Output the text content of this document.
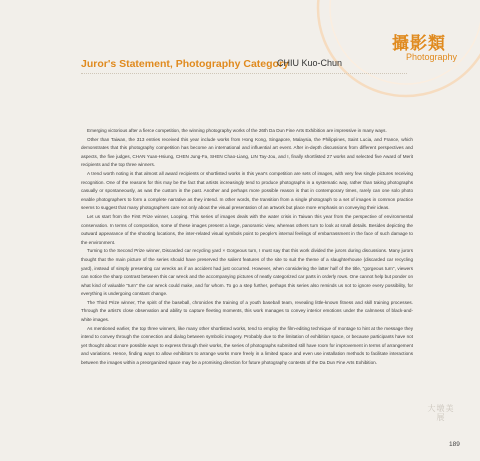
攝影類
Photography
Juror's Statement, Photography Category
CHIU Kuo-Chun

Emerging victorious after a fierce competition, the winning photography works of the 26th Da Dun Fine Arts Exhibition are impressive in many ways.

Other than Taiwan, the 313 entries received this year include works from Hong Kong, Singapore, Malaysia, the Philippines, Saint Lucia, and France, which demonstrates that this photography competition has become an international and influential art event. After in-depth discussions from different perspectives and aspects, the five judges, CHAN Yuan-Hsiung, CHEN Jung-Fa, SHEN Chao-Liang, LIN Tay-Jou, and I, finally shortlisted 27 works and selected five Award of Merit recipients and the top three winners.

A trend worth noting is that almost all award recipients or shortlisted works in this year's competition are sets of images, with very few single pictures receiving recognition. One of the reasons for this may be the fact that artists increasingly tend to produce photographs in a systematic way, rather than taking photographs casually or spontaneously, as was the custom in the past. Another and perhaps more possible reason is that in contemporary times, rarely can one solo photo enable photographers to form a complete narrative as they intend. In other words, the transition from a single photograph to a set of images in common practice seems to suggest that many photographers care not only about the visual presentation of an artwork but place more emphasis on conveying their ideas.

Let us start from the First Prize winner, Looping. This series of images deals with the water crisis in Taiwan this year from the perspective of environmental conservation. In terms of composition, some of these images present a large, panoramic view, whereas others turn to look at small details. Besides depicting the outward appearance of the shooting locations, the inter-related visual symbols point to people's internal feelings of embarrassment in the face of such damage to the environment.

Turning to the Second Prize winner, Discarded car recycling yard × Gorgeous turn, I must say that this work divided the jurors during discussions. Many jurors thought that the main picture of the series should have preserved the salient features of the site to suit the theme of a slaughterhouse (discarded car recycling yard), instead of simply presenting car wrecks as if an accident had just occurred. However, when considering the latter half of the title, "gorgeous turn", viewers can notice the sharp contrast between this car wreck and the accompanying pictures of neatly categorized car parts in orderly rows. One cannot help but ponder on what kind of valuable "turn" the car wreck could make, and for whom. To go a step further, perhaps this series also reminds us not to ignore every possibility, for everything is undergoing constant change.

The Third Prize winner, The spirit of the baseball, chronicles the training of a youth baseball team, revealing little-known fitness and skill training processes. Through the artist's close observation and ability to capture fleeting moments, this work manages to convey interior emotions under the calmness of black-and-white images.

As mentioned earlier, the top three winners, like many other shortlisted works, tend to employ the film-editing technique of montage to hint at the message they intend to convey through the connection and dialog between symbolic imagery. Probably due to the limitation of exhibition space, or because participants have not yet thought about more possible ways to express through their works, the series of photographs submitted still have room for improvement in terms of arrangement and variations. Hence, finding ways to allow exhibitors to arrange works more freely in a limited space and even use installation methods to facilitate interactions between the images within a preorganized space may be a promising direction for future photography contests of the Da Dun Fine Arts Exhibition.

大墩美展
189
